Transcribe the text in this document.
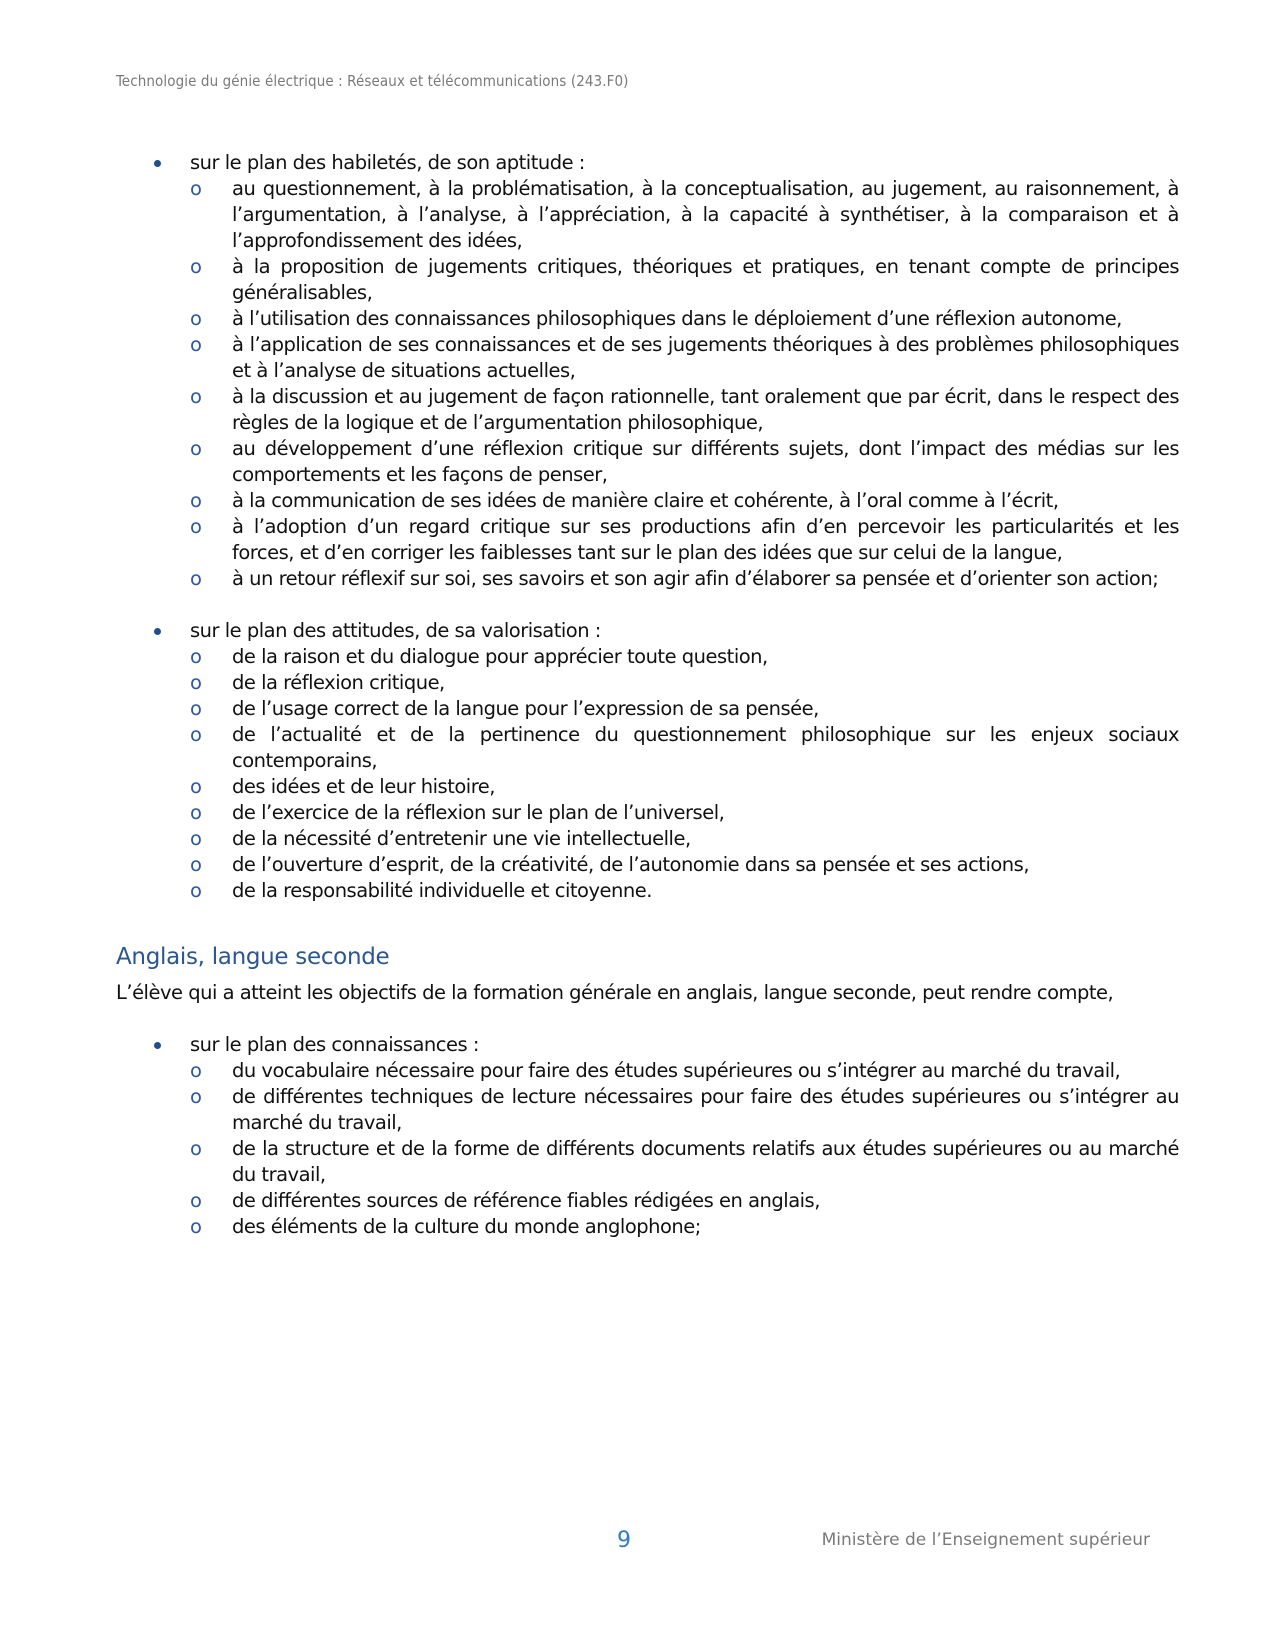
Technologie du génie électrique : Réseaux et télécommunications (243.F0)
sur le plan des habiletés, de son aptitude :
o au questionnement, à la problématisation, à la conceptualisation, au jugement, au raisonnement, à l’argumentation, à l’analyse, à l’appréciation, à la capacité à synthétiser, à la comparaison et à l’approfondissement des idées,
o à la proposition de jugements critiques, théoriques et pratiques, en tenant compte de principes généralisables,
o à l’utilisation des connaissances philosophiques dans le déploiement d’une réflexion autonome,
o à l’application de ses connaissances et de ses jugements théoriques à des problèmes philosophiques et à l’analyse de situations actuelles,
o à la discussion et au jugement de façon rationnelle, tant oralement que par écrit, dans le respect des règles de la logique et de l’argumentation philosophique,
o au développement d’une réflexion critique sur différents sujets, dont l’impact des médias sur les comportements et les façons de penser,
o à la communication de ses idées de manière claire et cohérente, à l’oral comme à l’écrit,
o à l’adoption d’un regard critique sur ses productions afin d’en percevoir les particularités et les forces, et d’en corriger les faiblesses tant sur le plan des idées que sur celui de la langue,
o à un retour réflexif sur soi, ses savoirs et son agir afin d’élaborer sa pensée et d’orienter son action;
sur le plan des attitudes, de sa valorisation :
o de la raison et du dialogue pour apprécier toute question,
o de la réflexion critique,
o de l’usage correct de la langue pour l’expression de sa pensée,
o de l’actualité et de la pertinence du questionnement philosophique sur les enjeux sociaux contemporains,
o des idées et de leur histoire,
o de l’exercice de la réflexion sur le plan de l’universel,
o de la nécessité d’entretenir une vie intellectuelle,
o de l’ouverture d’esprit, de la créativité, de l’autonomie dans sa pensée et ses actions,
o de la responsabilité individuelle et citoyenne.
Anglais, langue seconde
L’élève qui a atteint les objectifs de la formation générale en anglais, langue seconde, peut rendre compte,
sur le plan des connaissances :
o du vocabulaire nécessaire pour faire des études supérieures ou s’intégrer au marché du travail,
o de différentes techniques de lecture nécessaires pour faire des études supérieures ou s’intégrer au marché du travail,
o de la structure et de la forme de différents documents relatifs aux études supérieures ou au marché du travail,
o de différentes sources de référence fiables rédigées en anglais,
o des éléments de la culture du monde anglophone;
9	Ministère de l’Enseignement supérieur
